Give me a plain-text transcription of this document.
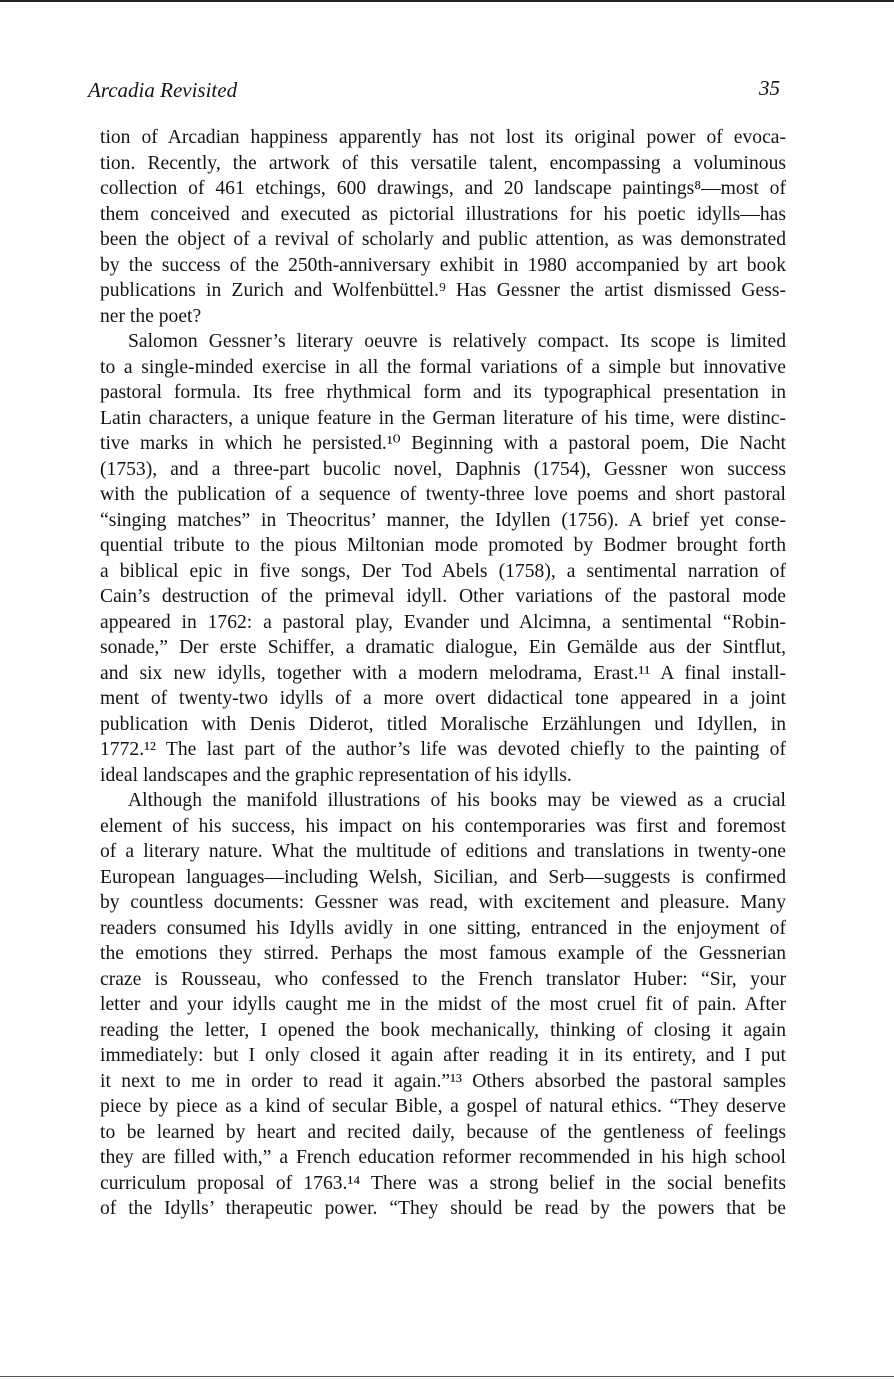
Arcadia Revisited	35
tion of Arcadian happiness apparently has not lost its original power of evoca-
tion. Recently, the artwork of this versatile talent, encompassing a voluminous
collection of 461 etchings, 600 drawings, and 20 landscape paintings⁸—most of
them conceived and executed as pictorial illustrations for his poetic idylls—has
been the object of a revival of scholarly and public attention, as was demonstrated
by the success of the 250th-anniversary exhibit in 1980 accompanied by art book
publications in Zurich and Wolfenbüttel.⁹ Has Gessner the artist dismissed Gess-
ner the poet?
Salomon Gessner’s literary oeuvre is relatively compact. Its scope is limited
to a single-minded exercise in all the formal variations of a simple but innovative
pastoral formula. Its free rhythmical form and its typographical presentation in
Latin characters, a unique feature in the German literature of his time, were distinc-
tive marks in which he persisted.¹⁰ Beginning with a pastoral poem, Die Nacht
(1753), and a three-part bucolic novel, Daphnis (1754), Gessner won success
with the publication of a sequence of twenty-three love poems and short pastoral
“singing matches” in Theocritus’ manner, the Idyllen (1756). A brief yet conse-
quential tribute to the pious Miltonian mode promoted by Bodmer brought forth
a biblical epic in five songs, Der Tod Abels (1758), a sentimental narration of
Cain’s destruction of the primeval idyll. Other variations of the pastoral mode
appeared in 1762: a pastoral play, Evander und Alcimna, a sentimental “Robin-
sonade,” Der erste Schiffer, a dramatic dialogue, Ein Gemälde aus der Sintflut,
and six new idylls, together with a modern melodrama, Erast.¹¹ A final install-
ment of twenty-two idylls of a more overt didactical tone appeared in a joint
publication with Denis Diderot, titled Moralische Erzählungen und Idyllen, in
1772.¹² The last part of the author’s life was devoted chiefly to the painting of
ideal landscapes and the graphic representation of his idylls.
Although the manifold illustrations of his books may be viewed as a crucial
element of his success, his impact on his contemporaries was first and foremost
of a literary nature. What the multitude of editions and translations in twenty-one
European languages—including Welsh, Sicilian, and Serb—suggests is confirmed
by countless documents: Gessner was read, with excitement and pleasure. Many
readers consumed his Idylls avidly in one sitting, entranced in the enjoyment of
the emotions they stirred. Perhaps the most famous example of the Gessnerian
craze is Rousseau, who confessed to the French translator Huber: “Sir, your
letter and your idylls caught me in the midst of the most cruel fit of pain. After
reading the letter, I opened the book mechanically, thinking of closing it again
immediately: but I only closed it again after reading it in its entirety, and I put
it next to me in order to read it again.”¹³ Others absorbed the pastoral samples
piece by piece as a kind of secular Bible, a gospel of natural ethics. “They deserve
to be learned by heart and recited daily, because of the gentleness of feelings
they are filled with,” a French education reformer recommended in his high school
curriculum proposal of 1763.¹⁴ There was a strong belief in the social benefits
of the Idylls’ therapeutic power. “They should be read by the powers that be
